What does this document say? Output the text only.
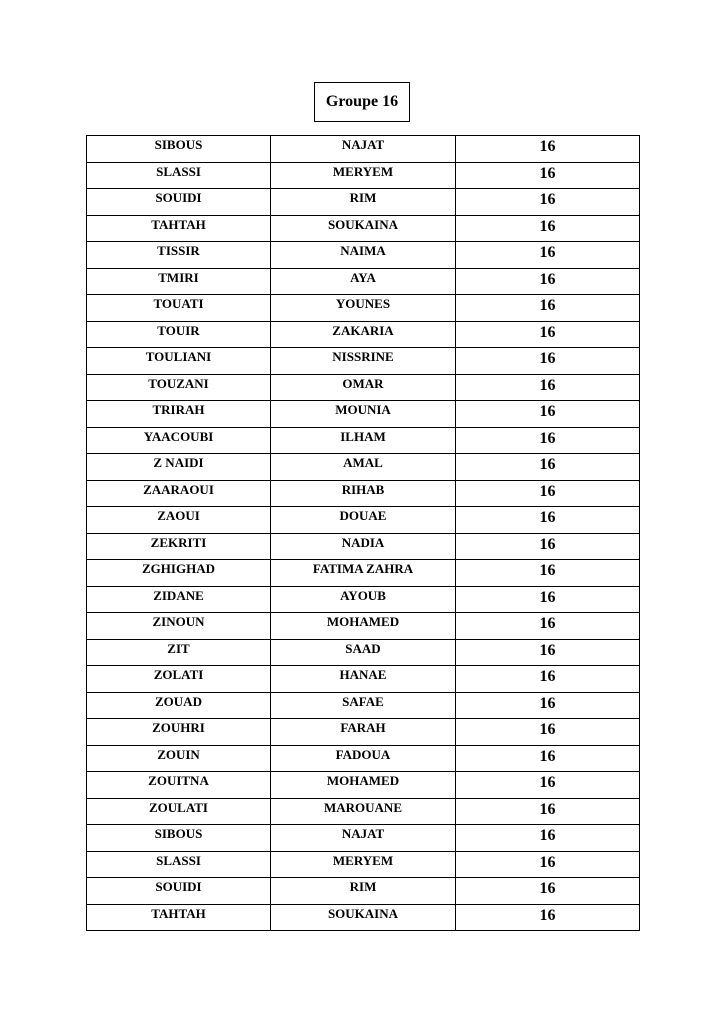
Groupe 16
SIBOUS	NAJAT	16
SLASSI	MERYEM	16
SOUIDI	RIM	16
TAHTAH	SOUKAINA	16
TISSIR	NAIMA	16
TMIRI	AYA	16
TOUATI	YOUNES	16
TOUIR	ZAKARIA	16
TOULIANI	NISSRINE	16
TOUZANI	OMAR	16
TRIRAH	MOUNIA	16
YAACOUBI	ILHAM	16
Z NAIDI	AMAL	16
ZAARAOUI	RIHAB	16
ZAOUI	DOUAE	16
ZEKRITI	NADIA	16
ZGHIGHAD	FATIMA ZAHRA	16
ZIDANE	AYOUB	16
ZINOUN	MOHAMED	16
ZIT	SAAD	16
ZOLATI	HANAE	16
ZOUAD	SAFAE	16
ZOUHRI	FARAH	16
ZOUIN	FADOUA	16
ZOUITNA	MOHAMED	16
ZOULATI	MAROUANE	16
SIBOUS	NAJAT	16
SLASSI	MERYEM	16
SOUIDI	RIM	16
TAHTAH	SOUKAINA	16
